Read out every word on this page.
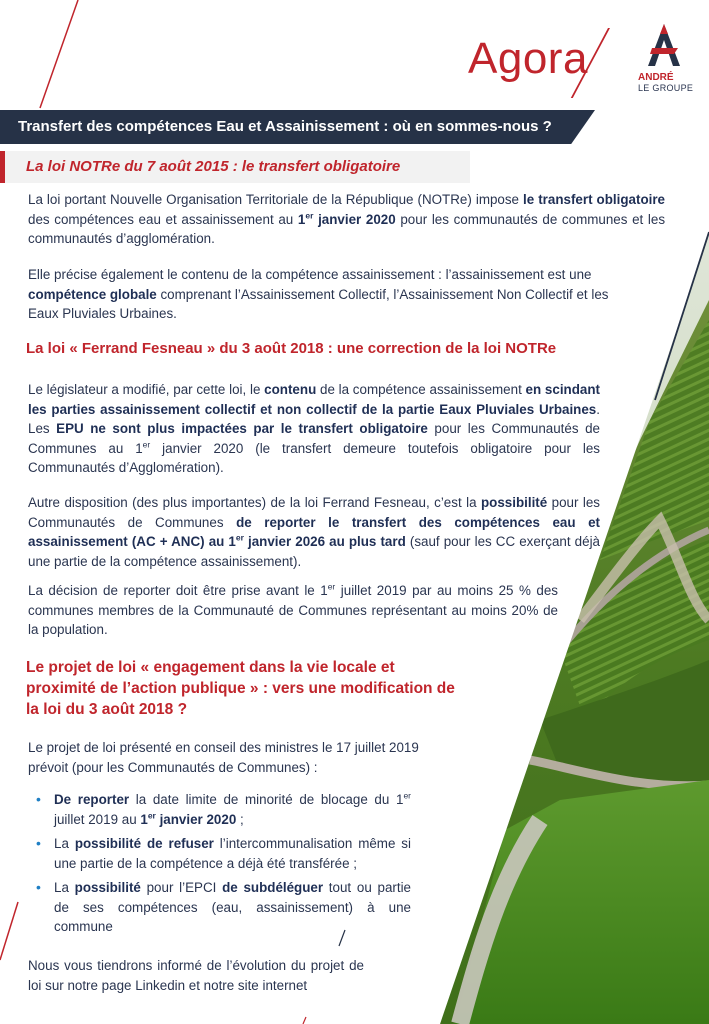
Agora	ANDRÉ
LE GROUPE
Transfert des compétences Eau et Assainissement : où en sommes-nous ?
La loi NOTRe du 7 août 2015 : le transfert obligatoire
La loi portant Nouvelle Organisation Territoriale de la République (NOTRe) impose le transfert obligatoire des compétences eau et assainissement au 1er janvier 2020 pour les communautés de communes et les communautés d’agglomération.
Elle précise également le contenu de la compétence assainissement : l’assainissement est une compétence globale comprenant l’Assainissement Collectif, l’Assainissement Non Collectif et les Eaux Pluviales Urbaines.
La loi « Ferrand Fesneau » du 3 août 2018 : une correction de la loi NOTRe
Le législateur a modifié, par cette loi, le contenu de la compétence assainissement en scindant les parties assainissement collectif et non collectif de la partie Eaux Pluviales Urbaines. Les EPU ne sont plus impactées par le transfert obligatoire pour les Communautés de Communes au 1er janvier 2020 (le transfert demeure toutefois obligatoire pour les Communautés d’Agglomération).
Autre disposition (des plus importantes) de la loi Ferrand Fesneau, c’est la possibilité pour les Communautés de Communes de reporter le transfert des compétences eau et assainissement (AC + ANC) au 1er janvier 2026 au plus tard (sauf pour les CC exerçant déjà une partie de la compétence assainissement).
La décision de reporter doit être prise avant le 1er juillet 2019 par au moins 25 % des communes membres de la Communauté de Communes représentant au moins 20% de la population.
Le projet de loi « engagement dans la vie locale et
proximité de l’action publique » : vers une modification de
la loi du 3 août 2018 ?
Le projet de loi présenté en conseil des ministres le 17 juillet 2019 prévoit (pour les Communautés de Communes) :
• De reporter la date limite de minorité de blocage du 1er juillet 2019 au 1er janvier 2020 ;
• La possibilité de refuser l’intercommunalisation même si une partie de la compétence a déjà été transférée ;
• La possibilité pour l’EPCI de subdéléguer tout ou partie de ses compétences (eau, assainissement) à une commune
Nous vous tiendrons informé de l’évolution du projet de loi sur notre page Linkedin et notre site internet
